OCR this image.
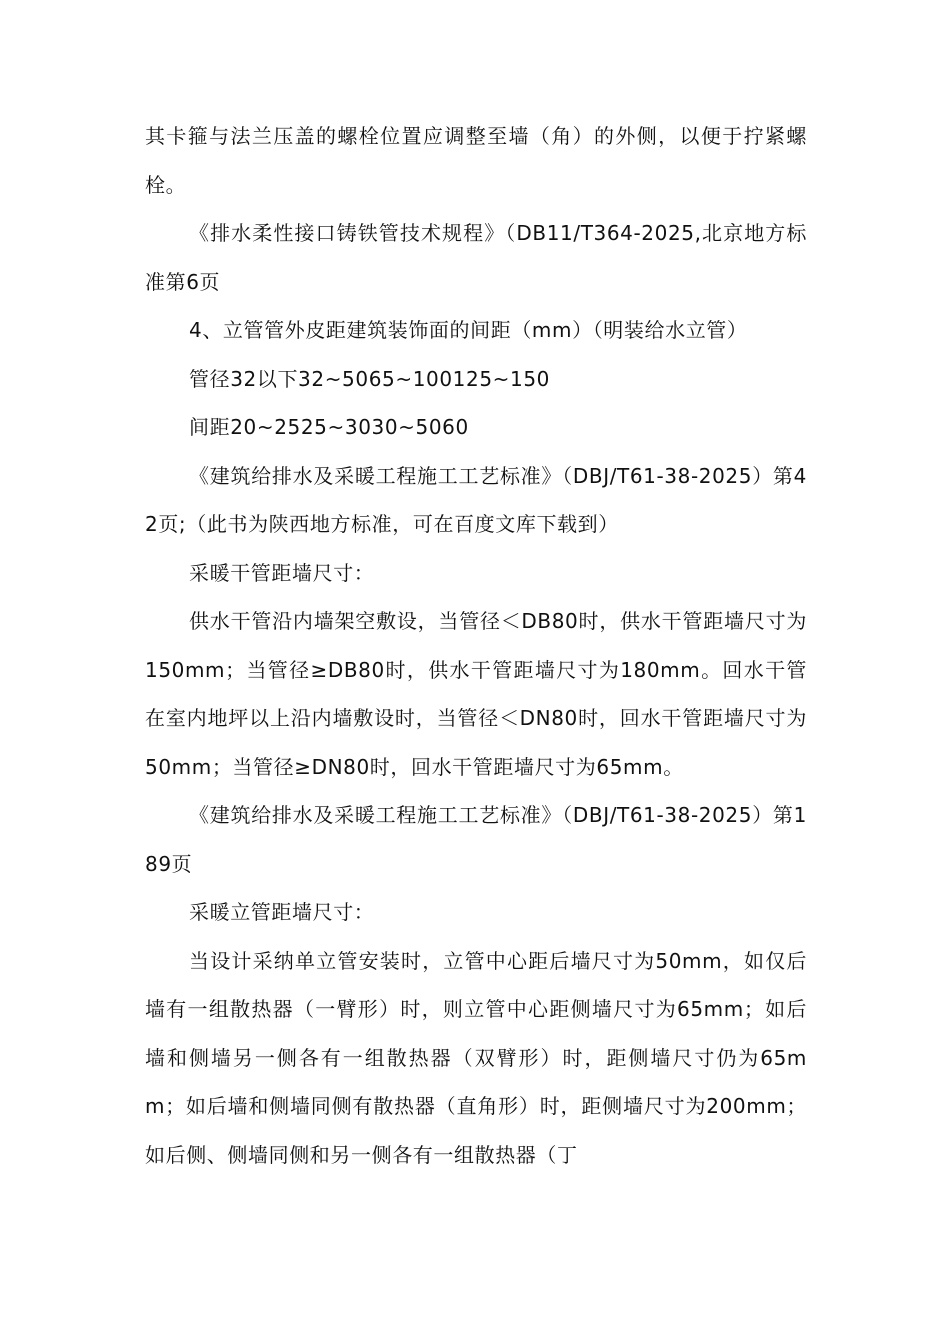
其卡箍与法兰压盖的螺栓位置应调整至墙（角）的外侧，以便于拧紧螺栓。

《排水柔性接口铸铁管技术规程》（DB11/T364-2025,北京地方标准第6页

4、立管管外皮距建筑装饰面的间距（mm）（明装给水立管）

管径32以下32~5065~100125~150

间距20~2525~3030~5060

《建筑给排水及采暖工程施工工艺标准》（DBJ/T61-38-2025）第42页;（此书为陕西地方标准，可在百度文库下载到）

采暖干管距墙尺寸：

供水干管沿内墙架空敷设，当管径＜DB80时，供水干管距墙尺寸为150mm；当管径≥DB80时，供水干管距墙尺寸为180mm。回水干管在室内地坪以上沿内墙敷设时，当管径＜DN80时，回水干管距墙尺寸为50mm；当管径≥DN80时，回水干管距墙尺寸为65mm。

《建筑给排水及采暖工程施工工艺标准》（DBJ/T61-38-2025）第189页

采暖立管距墙尺寸：

当设计采纳单立管安装时，立管中心距后墙尺寸为50mm，如仅后墙有一组散热器（一臂形）时，则立管中心距侧墙尺寸为65mm；如后墙和侧墙另一侧各有一组散热器（双臂形）时，距侧墙尺寸仍为65mm；如后墙和侧墙同侧有散热器（直角形）时，距侧墙尺寸为200mm；如后侧、侧墙同侧和另一侧各有一组散热器（丁
